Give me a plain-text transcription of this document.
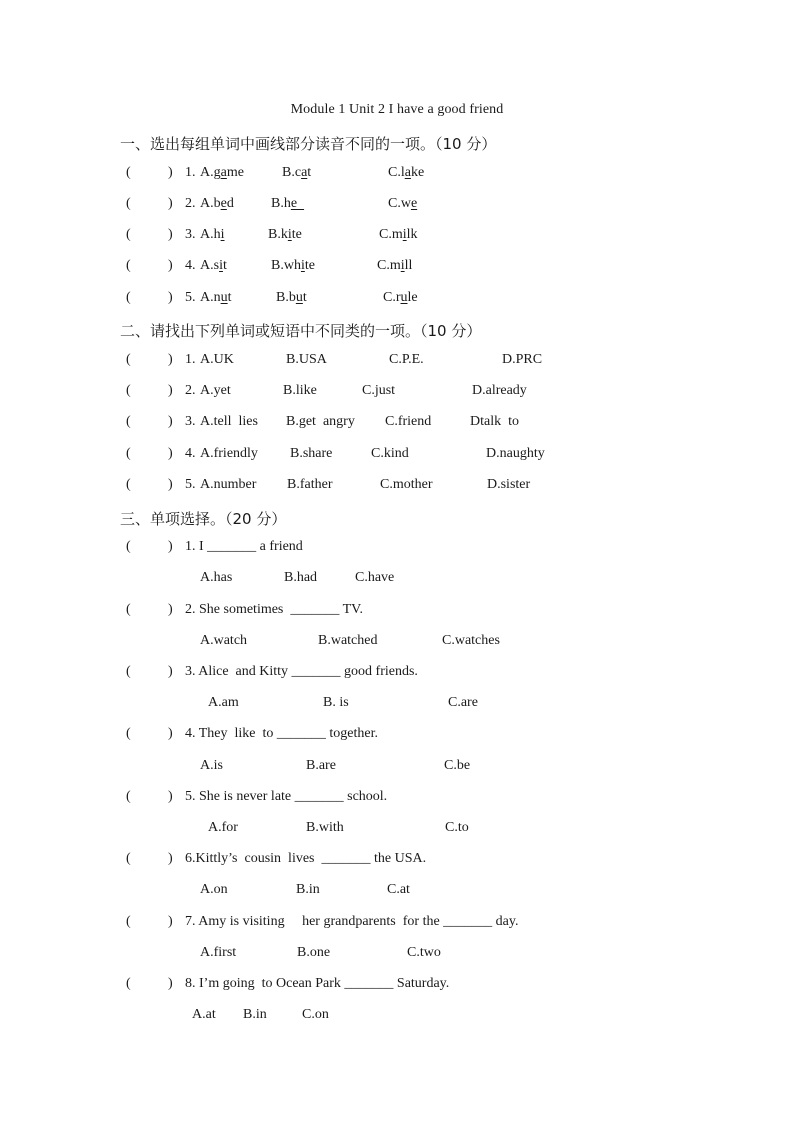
Module 1 Unit 2 I have a good friend
一、选出每组单词中画线部分读音不同的一项。（10 分）
(	) 1. A.game	B.cat	C.lake
(	) 2. A.bed	B.he	C.we
(	) 3. A.hi	B.kite	C.milk
(	) 4. A.sit	B.white	C.mill
(	) 5. A.nut	B.but	C.rule
二、请找出下列单词或短语中不同类的一项。（10 分）
(	) 1. A.UK	B.USA	C.P.E.	D.PRC
(	) 2. A.yet	B.like	C.just	D.already
(	) 3. A.tell  lies B.get  angry C.friend	Dtalk  to
(	) 4. A.friendly B.share	C.kind	D.naughty
(	) 5. A.number B.father	C.mother	D.sister
三、单项选择。（20 分）
(	) 1. I _______ a friend
A.has	B.had	C.have
(	) 2. She sometimes  _______ TV.
A.watch	B.watched	C.watches
(	) 3. Alice  and Kitty _______ good friends.
A.am	B. is	C.are
(	) 4. They  like  to _______ together.
A.is	B.are	C.be
(	) 5. She is never late _______ school.
A.for	B.with	C.to
(	) 6.Kittly’s  cousin  lives  _______ the USA.
A.on	B.in	C.at
(	) 7. Amy is visiting     her grandparents  for the _______ day.
A.first	B.one	C.two
(	) 8. I’m going  to Ocean Park _______ Saturday.
A.at B.in	C.on
